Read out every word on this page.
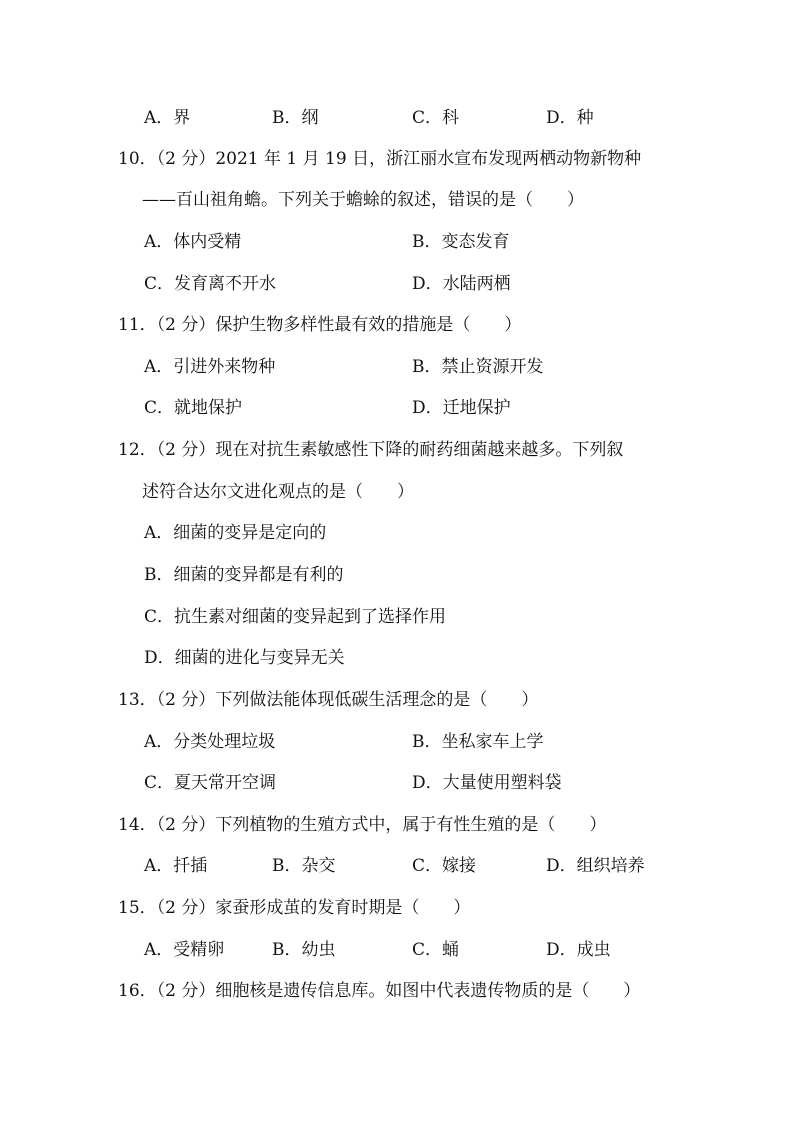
A．界	B．纲	C．科	D．种
10．（2 分）2021 年 1 月 19 日，浙江丽水宣布发现两栖动物新物种
——百山祖角蟾。下列关于蟾蜍的叙述，错误的是（　　）
A．体内受精	B．变态发育
C．发育离不开水	D．水陆两栖
11．（2 分）保护生物多样性最有效的措施是（　　）
A．引进外来物种	B．禁止资源开发
C．就地保护	D．迁地保护
12．（2 分）现在对抗生素敏感性下降的耐药细菌越来越多。下列叙
述符合达尔文进化观点的是（　　）
A．细菌的变异是定向的
B．细菌的变异都是有利的
C．抗生素对细菌的变异起到了选择作用
D．细菌的进化与变异无关
13．（2 分）下列做法能体现低碳生活理念的是（　　）
A．分类处理垃圾	B．坐私家车上学
C．夏天常开空调	D．大量使用塑料袋
14．（2 分）下列植物的生殖方式中，属于有性生殖的是（　　）
A．扦插	B．杂交	C．嫁接	D．组织培养
15．（2 分）家蚕形成茧的发育时期是（　　）
A．受精卵	B．幼虫	C．蛹	D．成虫
16．（2 分）细胞核是遗传信息库。如图中代表遗传物质的是（　　）
